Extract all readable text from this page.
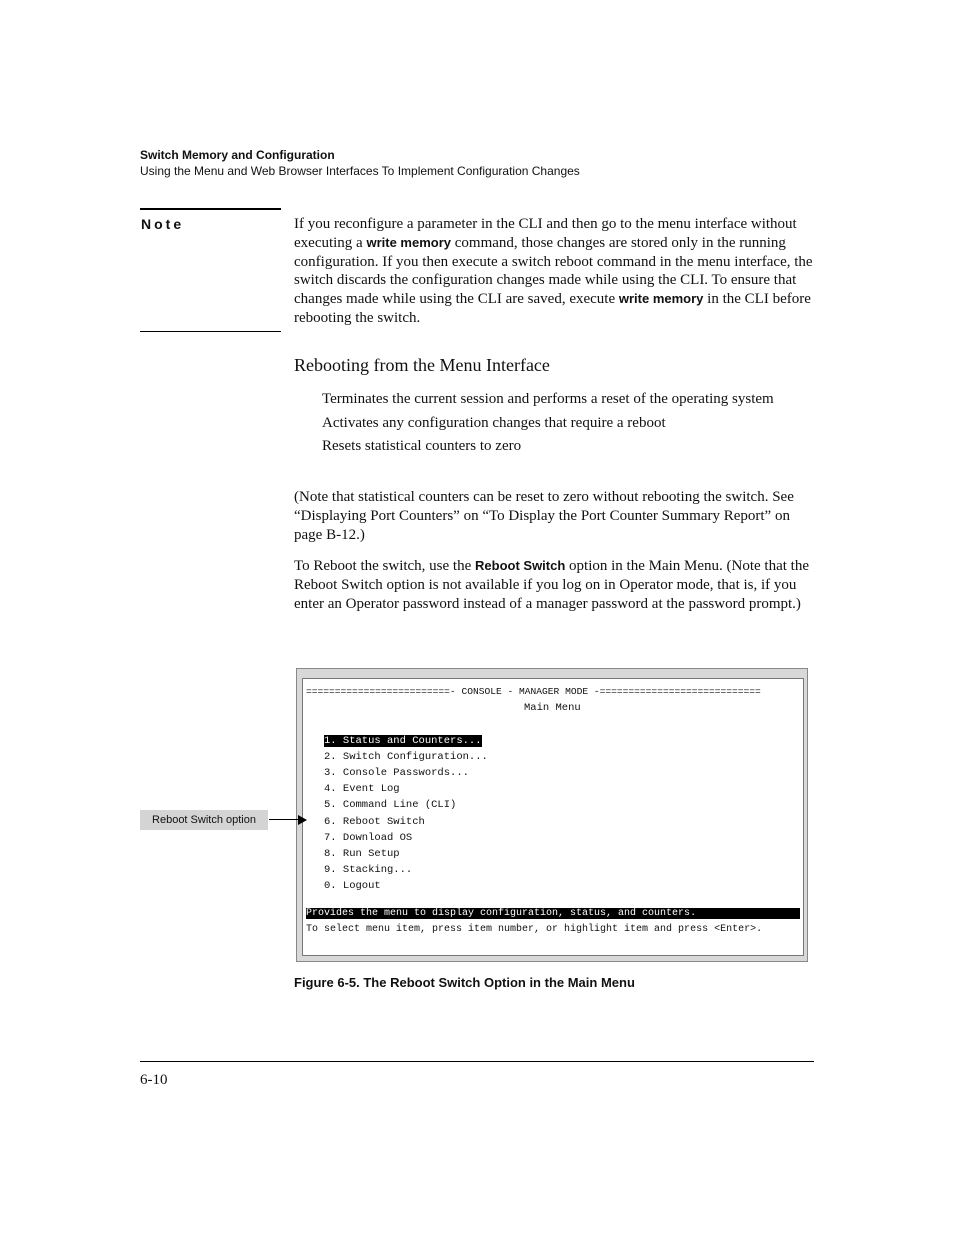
Switch Memory and Configuration
Using the Menu and Web Browser Interfaces To Implement Configuration Changes
Note	If you reconfigure a parameter in the CLI and then go to the menu interface without executing a write memory command, those changes are stored only in the running configuration. If you then execute a switch reboot command in the menu interface, the switch discards the configuration changes made while using the CLI. To ensure that changes made while using the CLI are saved, execute write memory in the CLI before rebooting the switch.
Rebooting from the Menu Interface
Terminates the current session and performs a reset of the operating system
Activates any configuration changes that require a reboot
Resets statistical counters to zero
(Note that statistical counters can be reset to zero without rebooting the switch. See “Displaying Port Counters” on “To Display the Port Counter Summary Report” on page B-12.)
To Reboot the switch, use the Reboot Switch option in the Main Menu. (Note that the Reboot Switch option is not available if you log on in Operator mode, that is, if you enter an Operator password instead of a manager password at the password prompt.)
=========================- CONSOLE - MANAGER MODE -============================
Main Menu
1. Status and Counters...
2. Switch Configuration...
3. Console Passwords...
4. Event Log
5. Command Line (CLI)
6. Reboot Switch
7. Download OS
8. Run Setup
9. Stacking...
0. Logout
Provides the menu to display configuration, status, and counters.
To select menu item, press item number, or highlight item and press <Enter>.
Reboot Switch option
Figure 6-5. The Reboot Switch Option in the Main Menu
6-10
